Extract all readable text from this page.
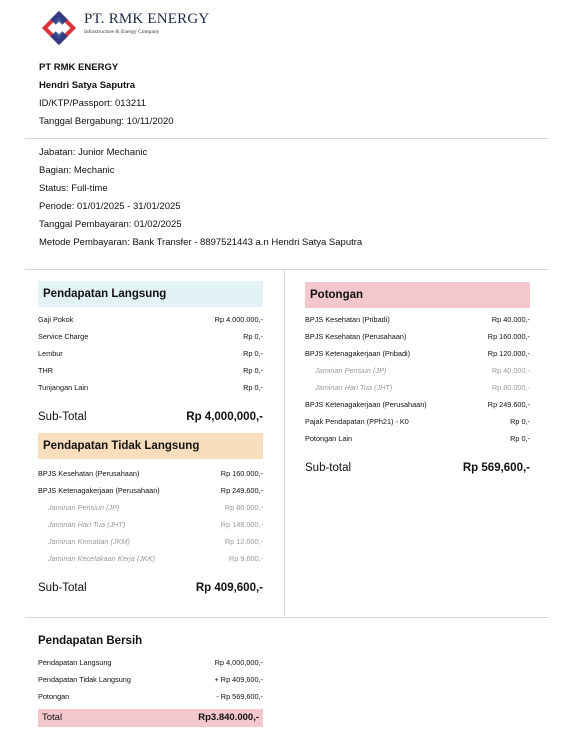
PT. RMK ENERGY
Infrastructure & Energy Company
PT RMK ENERGY
Hendri Satya Saputra
ID/KTP/Passport: 013211
Tanggal Bergabung: 10/11/2020
Jabatan: Junior Mechanic
Bagian: Mechanic
Status: Full-time
Periode: 01/01/2025 - 31/01/2025
Tanggal Pembayaran: 01/02/2025
Metode Pembayaran: Bank Transfer - 8897521443 a.n Hendri Satya Saputra
Pendapatan Langsung
Gaji Pokok	Rp 4.000.000,-
Service Charge	Rp 0,-
Lembur	Rp 0,-
THR	Rp 0,-
Tunjangan Lain	Rp 0,-
Sub-Total	Rp 4,000,000,-
Pendapatan Tidak Langsung
BPJS Kesehatan (Perusahaan)	Rp 160.000,-
BPJS Ketenagakerjaan (Perusahaan)	Rp 249.600,-
Jaminan Pensiun (JP)	Rp 80.000,-
Jaminan Hari Tua (JHT)	Rp 148.000,-
Jaminan Kematian (JKM)	Rp 12.000,-
Jaminan Kecelakaan Kerja (JKK)	Rp 9.600,-
Sub-Total	Rp 409,600,-
Potongan
BPJS Kesehatan (Pribadi)	Rp 40.000,-
BPJS Kesehatan (Perusahaan)	Rp 160.000,-
BPJS Ketenagakerjaan (Pribadi)	Rp 120.000,-
Jaminan Pensiun (JP)	Rp 40.000,-
Jaminan Hari Tua (JHT)	Rp 80.000,-
BPJS Ketenagakerjaan (Perusahaan)	Rp 249.600,-
Pajak Pendapatan (PPh21) - K0	Rp 0,-
Potongan Lain	Rp 0,-
Sub-total	Rp 569,600,-
Pendapatan Bersih
Pendapatan Langsung	Rp 4,000,000,-
Pendapatan Tidak Langsung	+ Rp 409,600,-
Potongan	- Rp 569,600,-
Total	Rp3.840.000,-
